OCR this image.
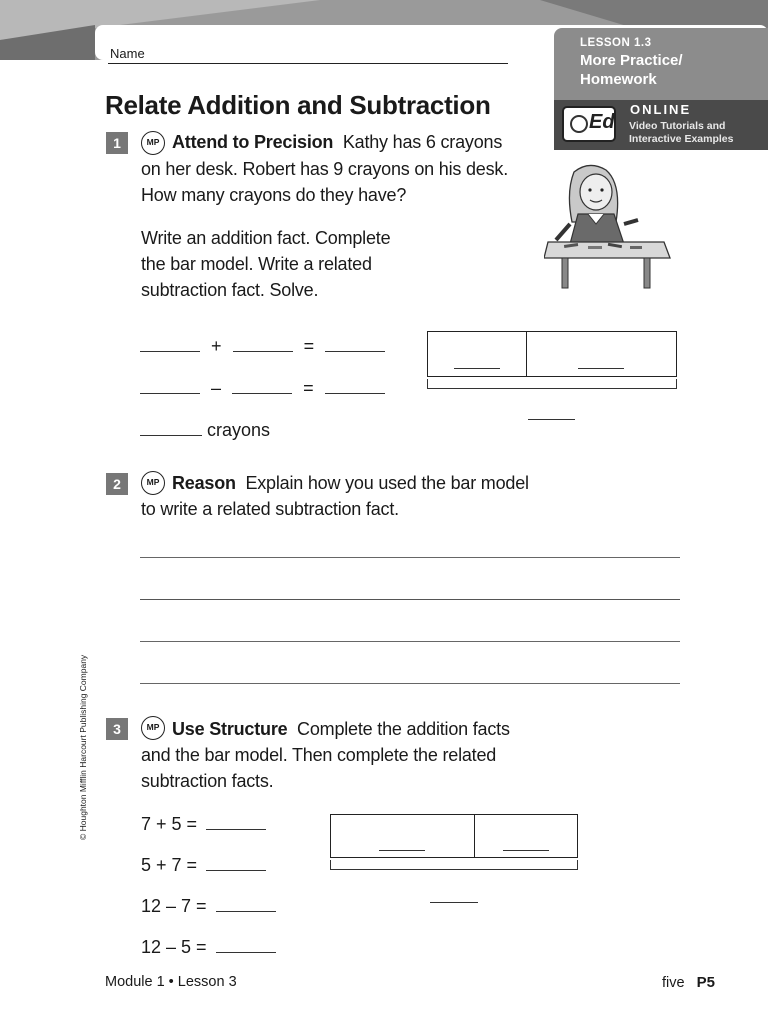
Name
LESSON 1.3
More Practice/
Homework
Ed
ONLINE
Video Tutorials and
Interactive Examples
Relate Addition and Subtraction
1	MP Attend to Precision Kathy has 6 crayons
on her desk. Robert has 9 crayons on his desk.
How many crayons do they have?
Write an addition fact. Complete
the bar model. Write a related
subtraction fact. Solve.
+	=
–	=
crayons
2	MP Reason Explain how you used the bar model
to write a related subtraction fact.
3	MP Use Structure Complete the addition facts
and the bar model. Then complete the related
subtraction facts.
7 + 5 =
5 + 7 =
12 – 7 =
12 – 5 =
© Houghton Mifflin Harcourt Publishing Company
Module 1 • Lesson 3	five P5
